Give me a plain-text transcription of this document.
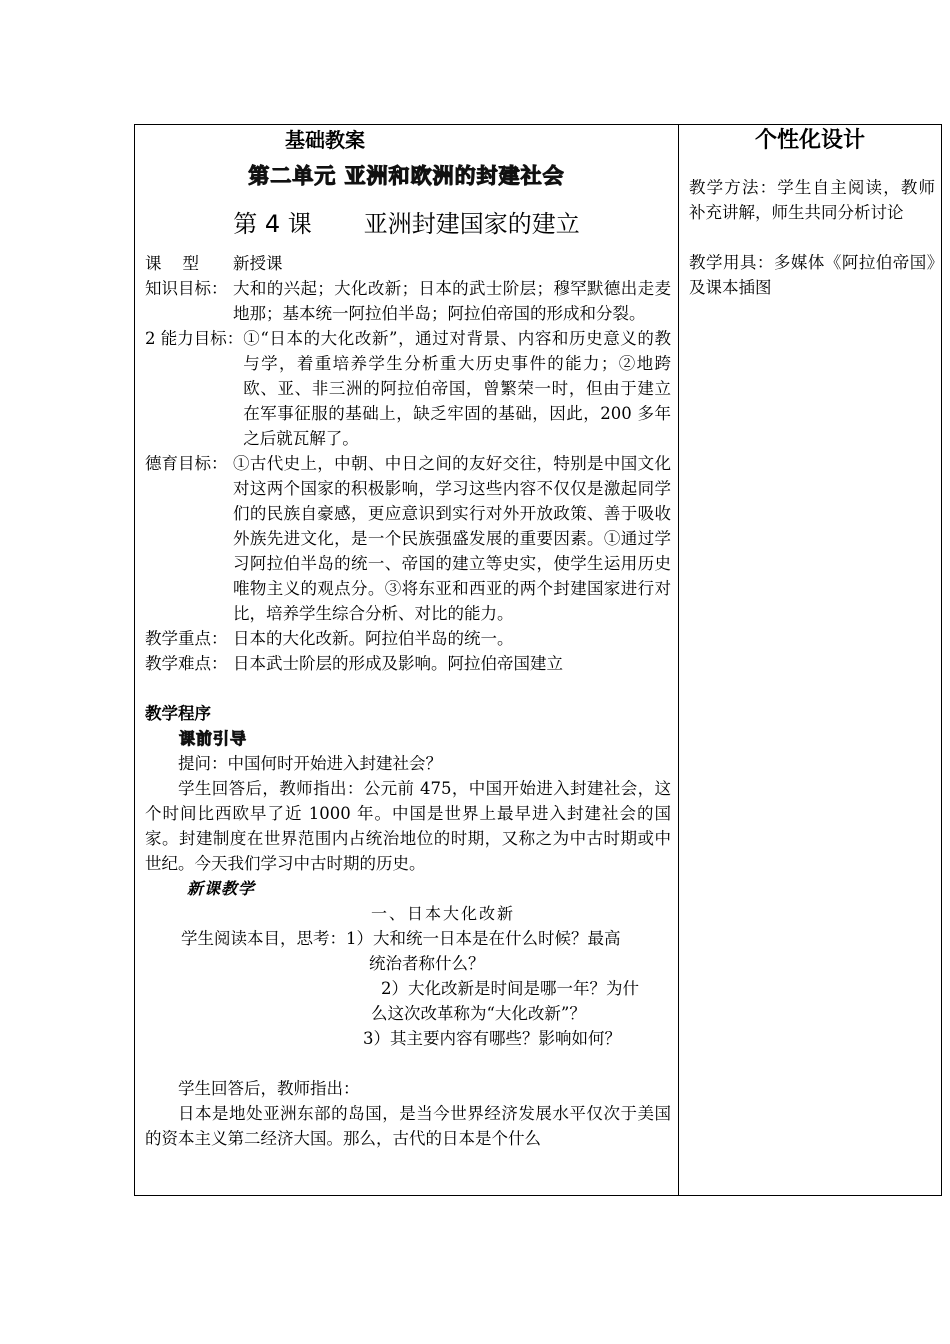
基础教案
第二单元 亚洲和欧洲的封建社会
第 4 课 亚洲封建国家的建立
课    型	新授课
知识目标： 大和的兴起；大化改新；日本的武士阶层；穆罕默德出走麦地那；基本统一阿拉伯半岛；阿拉伯帝国的形成和分裂。
2 能力目标： ①“日本的大化改新”，通过对背景、内容和历史意义的教与学，着重培养学生分析重大历史事件的能力；②地跨欧、亚、非三洲的阿拉伯帝国，曾繁荣一时，但由于建立在军事征服的基础上，缺乏牢固的基础，因此，200 多年之后就瓦解了。
德育目标： ①古代史上，中朝、中日之间的友好交往，特别是中国文化对这两个国家的积极影响，学习这些内容不仅仅是激起同学们的民族自豪感，更应意识到实行对外开放政策、善于吸收外族先进文化，是一个民族强盛发展的重要因素。①通过学习阿拉伯半岛的统一、帝国的建立等史实，使学生运用历史唯物主义的观点分。③将东亚和西亚的两个封建国家进行对比，培养学生综合分析、对比的能力。
教学重点： 日本的大化改新。阿拉伯半岛的统一。
教学难点： 日本武士阶层的形成及影响。阿拉伯帝国建立
教学程序
课前引导
提问：中国何时开始进入封建社会？
学生回答后，教师指出：公元前 475，中国开始进入封建社会，这个时间比西欧早了近 1000 年。中国是世界上最早进入封建社会的国家。封建制度在世界范围内占统治地位的时期，又称之为中古时期或中世纪。今天我们学习中古时期的历史。
新课教学
一、日本大化改新
学生阅读本目，思考：1）大和统一日本是在什么时候？最高
统治者称什么？
2）大化改新是时间是哪一年？为什
么这次改革称为“大化改新”？
3）其主要内容有哪些？影响如何？
学生回答后，教师指出：
日本是地处亚洲东部的岛国，是当今世界经济发展水平仅次于美国的资本主义第二经济大国。那么，古代的日本是个什么
个性化设计
教学方法：学生自主阅读，教师补充讲解，师生共同分析讨论
教学用具：多媒体《阿拉伯帝国》及课本插图
